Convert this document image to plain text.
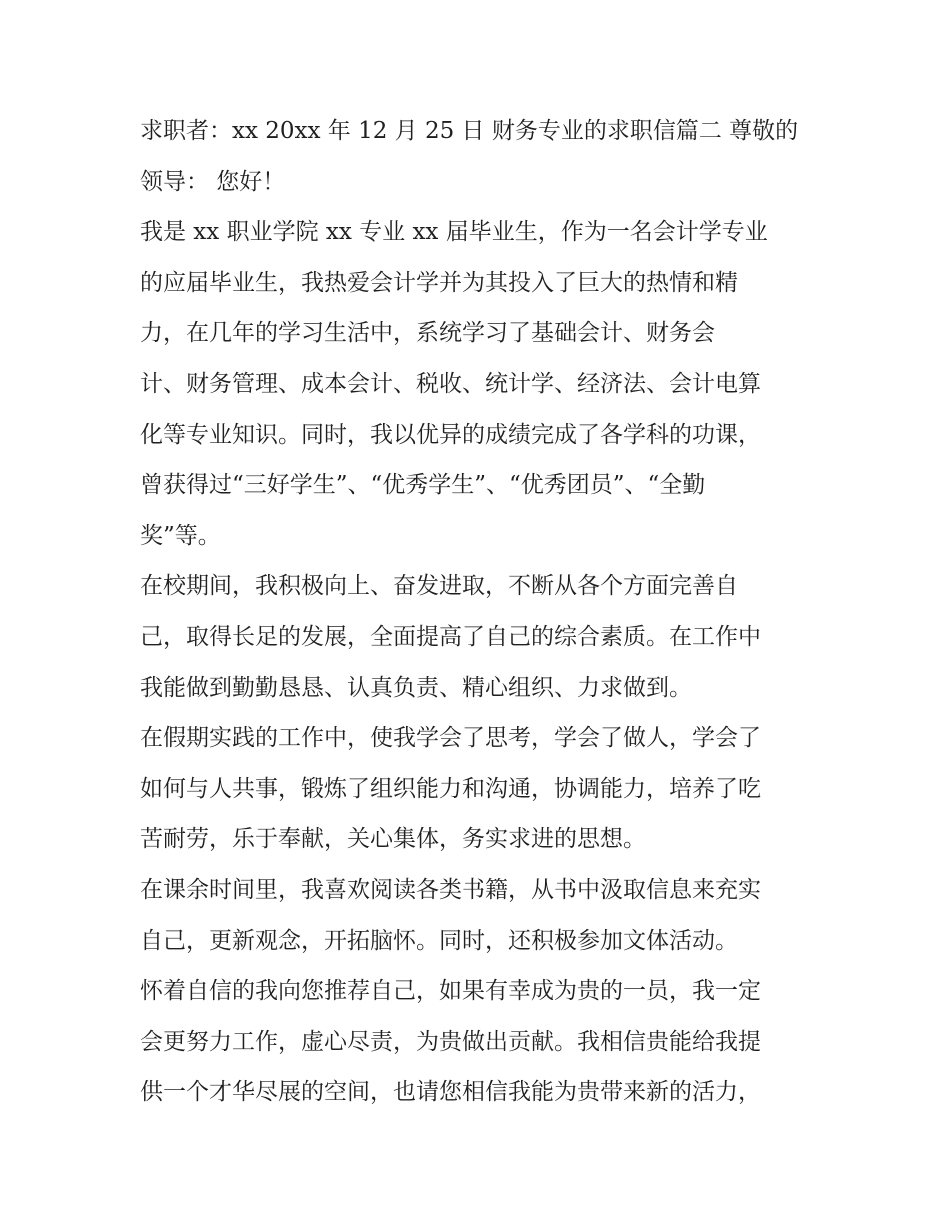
求职者：xx 20xx 年 12 月 25 日 财务专业的求职信篇二 尊敬的
领导： 您好！
我是 xx 职业学院 xx 专业 xx 届毕业生，作为一名会计学专业
的应届毕业生，我热爱会计学并为其投入了巨大的热情和精
力，在几年的学习生活中，系统学习了基础会计、财务会
计、财务管理、成本会计、税收、统计学、经济法、会计电算
化等专业知识。同时，我以优异的成绩完成了各学科的功课，
曾获得过“三好学生”、“优秀学生”、“优秀团员”、“全勤
奖”等。
在校期间，我积极向上、奋发进取，不断从各个方面完善自
己，取得长足的发展，全面提高了自己的综合素质。在工作中
我能做到勤勤恳恳、认真负责、精心组织、力求做到。
在假期实践的工作中，使我学会了思考，学会了做人，学会了
如何与人共事，锻炼了组织能力和沟通，协调能力，培养了吃
苦耐劳，乐于奉献，关心集体，务实求进的思想。
在课余时间里，我喜欢阅读各类书籍，从书中汲取信息来充实
自己，更新观念，开拓脑怀。同时，还积极参加文体活动。
怀着自信的我向您推荐自己，如果有幸成为贵的一员，我一定
会更努力工作，虚心尽责，为贵做出贡献。我相信贵能给我提
供一个才华尽展的空间，也请您相信我能为贵带来新的活力，
